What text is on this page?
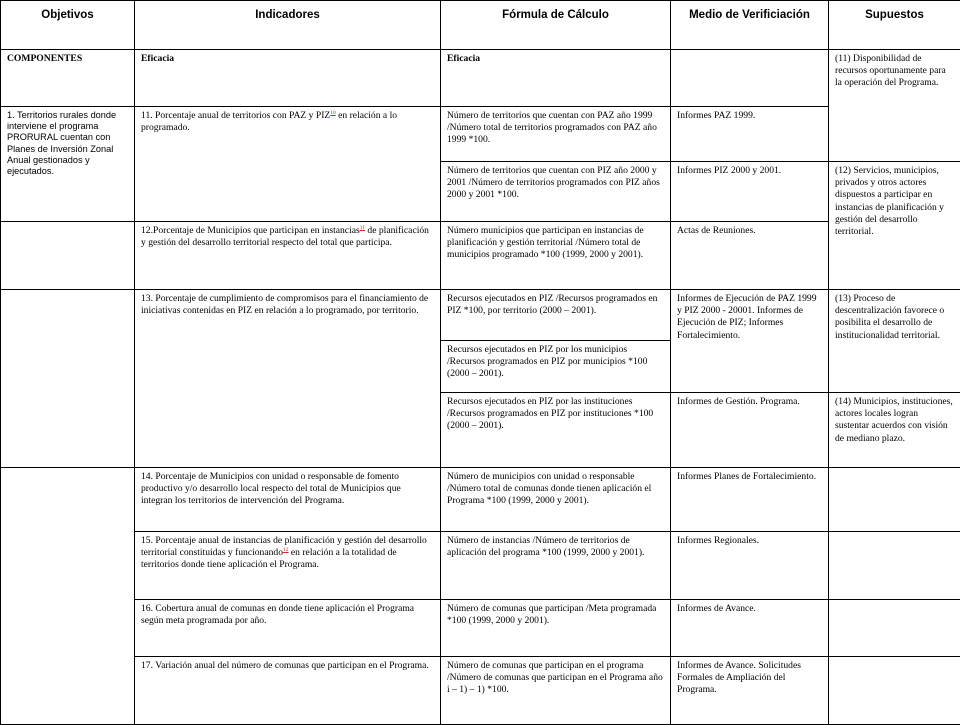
Objetivos	Indicadores	Fórmula de Cálculo	Medio de Verificiación	Supuestos
COMPONENTES	Eficacia	Eficacia		(11) Disponibilidad de recursos oportunamente para la operación del Programa.
1. Territorios rurales donde interviene el programa PRORURAL cuentan con Planes de Inversión Zonal Anual gestionados y ejecutados.	11. Porcentaje anual de territorios con PAZ y PIZ$^{10}$ en relación a lo programado.	Número de territorios que cuentan con PAZ año 1999 /Número total de territorios programados con PAZ año 1999 *100.	Informes PAZ 1999.	
		Número de territorios que cuentan con PIZ año 2000 y 2001 /Número de territorios programados con PIZ años 2000 y 2001 *100.	Informes PIZ 2000 y 2001.	(12) Servicios, municipios, privados y otros actores dispuestos a participar en instancias de planificación y gestión del desarrollo territorial.
	12.Porcentaje de Municipios que participan en instancias$^{11}$ de planificación y gestión del desarrollo territorial respecto del total que participa.	Número municipios que participan en instancias de planificación y gestión territorial /Número total de municipios programado *100 (1999, 2000 y 2001).	Actas de Reuniones.	
	13. Porcentaje de cumplimiento de compromisos para el financiamiento de iniciativas contenidas en PIZ en relación a lo programado, por territorio.	Recursos ejecutados en PIZ /Recursos programados en PIZ *100, por territorio (2000 – 2001).	Informes de Ejecución de PAZ 1999 y PIZ 2000 - 20001. Informes de Ejecución de PIZ; Informes Fortalecimiento.	(13) Proceso de descentralización favorece o posibilita el desarrollo de institucionalidad territorial.
		Recursos ejecutados en PIZ por los municipios /Recursos programados en PIZ por municipios *100 (2000 – 2001).		
		Recursos ejecutados en PIZ por las instituciones /Recursos programados en PIZ por instituciones *100 (2000 – 2001).	Informes de Gestión. Programa.	(14) Municipios, instituciones, actores locales logran sustentar acuerdos con visión de mediano plazo.
	14. Porcentaje de Municipios con unidad o responsable de fomento productivo y/o desarrollo local respecto del total de Municipios que integran los territorios de intervención del Programa.	Número de municipios con unidad o responsable /Número total de comunas donde tienen aplicación el Programa *100 (1999, 2000 y 2001).	Informes Planes de Fortalecimiento.	
	15. Porcentaje anual de instancias de planificación y gestión del desarrollo territorial constituidas y funcionando$^{12}$ en relación a la totalidad de territorios donde tiene aplicación el Programa.	Número de instancias /Número de territorios de aplicación del programa *100 (1999, 2000 y 2001).	Informes Regionales.	
	16. Cobertura anual de comunas en donde tiene aplicación el Programa según meta programada por año.	Número de comunas que participan /Meta programada *100 (1999, 2000 y 2001).	Informes de Avance.	
	17. Variación anual del número de comunas que participan en el Programa.	Número de comunas que participan en el programa /Número de comunas que participan en el Programa año i – 1) – 1) *100.	Informes de Avance. Solicitudes Formales de Ampliación del Programa.	
